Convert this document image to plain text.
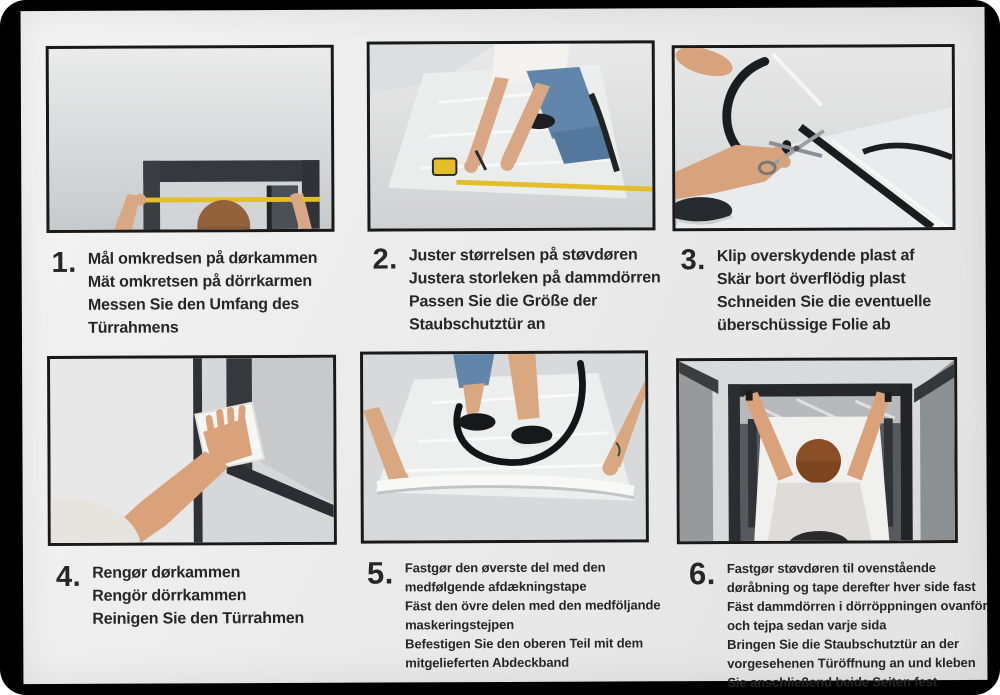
1. Mål omkredsen på dørkammen
Mät omkretsen på dörrkarmen
Messen Sie den Umfang des Türrahmens
2. Juster størrelsen på støvdøren
Justera storleken på dammdörren
Passen Sie die Größe der Staubschutztür an
3. Klip overskydende plast af
Skär bort överflödig plast
Schneiden Sie die eventuelle überschüssige Folie ab
4. Rengør dørkammen
Rengör dörrkammen
Reinigen Sie den Türrahmen
5. Fastgør den øverste del med den medfølgende afdækningstape
Fäst den övre delen med den medföljande maskeringstejpen
Befestigen Sie den oberen Teil mit dem mitgelieferten Abdeckband
6. Fastgør støvdøren til ovenstående døråbning og tape derefter hver side fast
Fäst dammdörren i dörröppningen ovanför och tejpa sedan varje sida
Bringen Sie die Staubschutztür an der vorgesehenen Türöffnung an und kleben Sie anschließend beide Seiten fest
